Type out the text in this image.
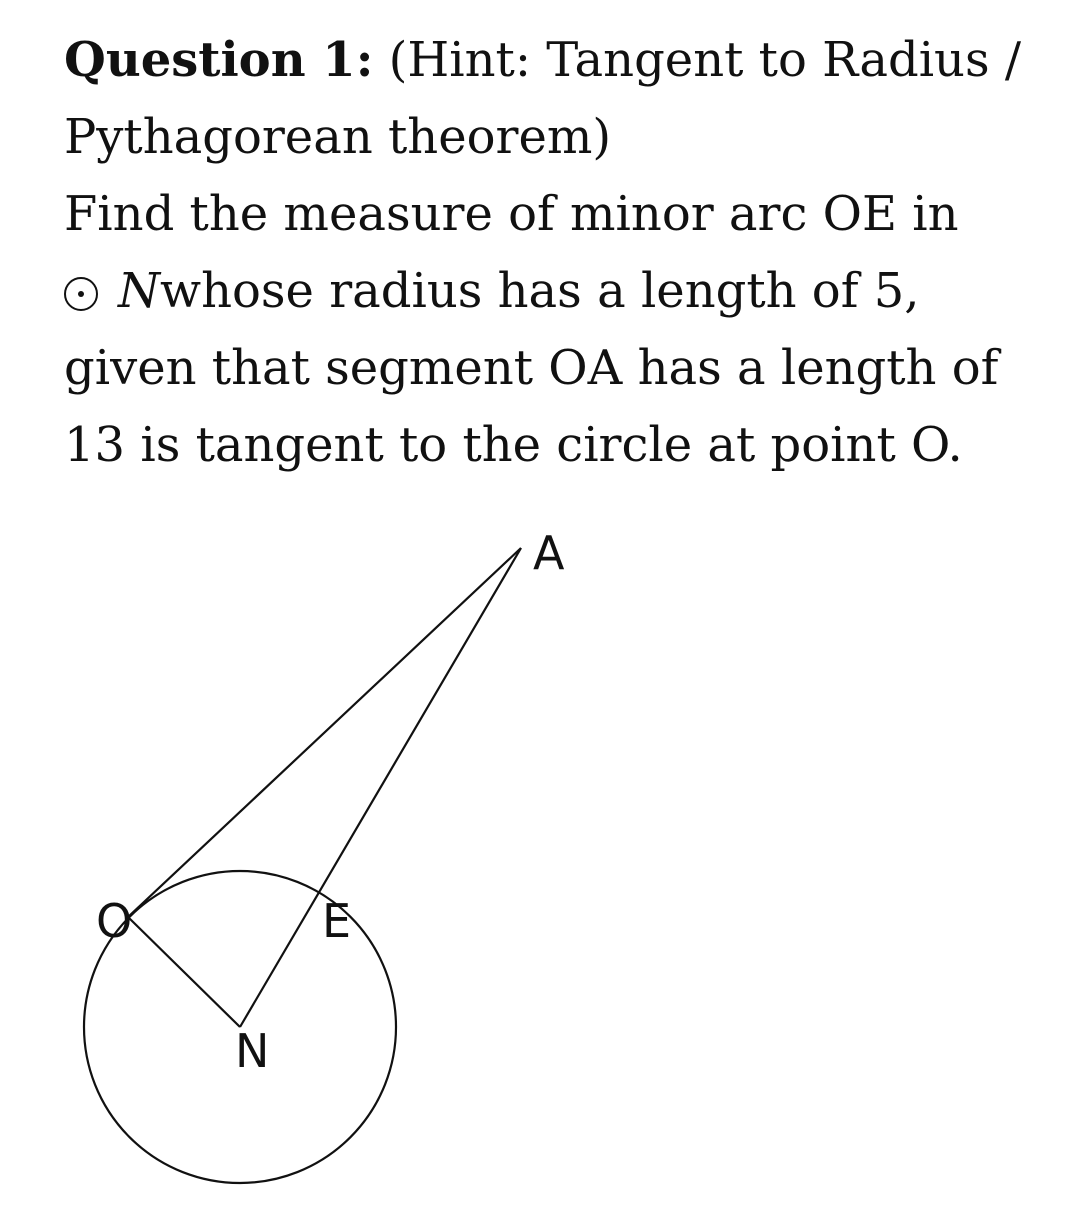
Question 1: (Hint: Tangent to Radius / Pythagorean theorem)

Find the measure of minor arc OE in

Nwhose radius has a length of 5, given that segment OA has a length of 13 is tangent to the circle at point O.

A
O	E
N
